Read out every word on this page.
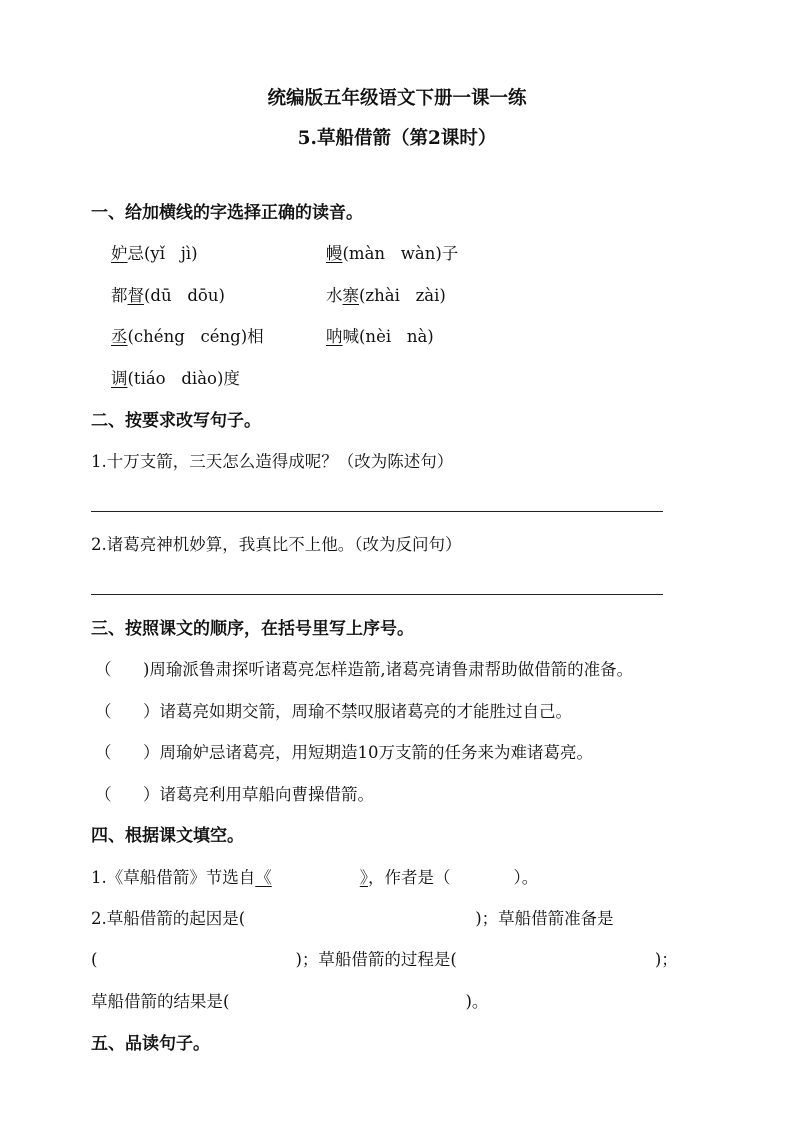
统编版五年级语文下册一课一练
5.草船借箭（第2课时）
一、给加横线的字选择正确的读音。
妒忌(yǐ   jì)	幔(màn   wàn)子
都督(dū   dōu)	水寨(zhài   zài)
丞(chéng   céng)相	呐喊(nèi   nà)
调(tiáo   diào)度
二、按要求改写句子。
1.十万支箭，三天怎么造得成呢？（改为陈述句）
2.诸葛亮神机妙算，我真比不上他。（改为反问句）
三、按照课文的顺序，在括号里写上序号。
（      )周瑜派鲁肃探听诸葛亮怎样造箭,诸葛亮请鲁肃帮助做借箭的准备。
（      ）诸葛亮如期交箭，周瑜不禁叹服诸葛亮的才能胜过自己。
（      ）周瑜妒忌诸葛亮，用短期造10万支箭的任务来为难诸葛亮。
（      ）诸葛亮利用草船向曹操借箭。
四、根据课文填空。
1.《草船借箭》节选自《	》，作者是（            ）。
2.草船借箭的起因是(	)；草船借箭准备是
(	)；草船借箭的过程是(	)；
草船借箭的结果是(	)。
五、品读句子。
